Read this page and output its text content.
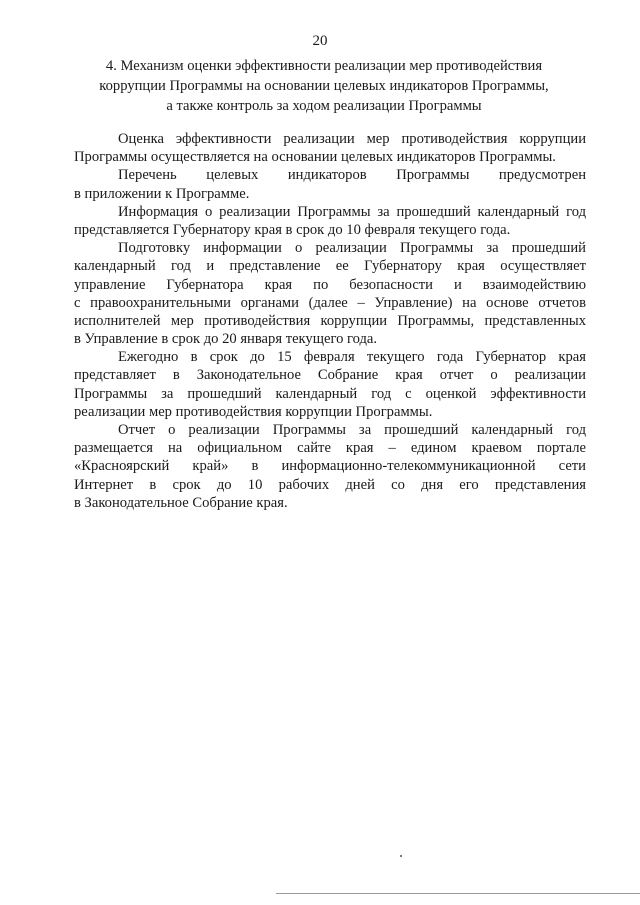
20
4. Механизм оценки эффективности реализации мер противодействия
коррупции Программы на основании целевых индикаторов Программы,
а также контроль за ходом реализации Программы
Оценка эффективности реализации мер противодействия коррупции
Программы осуществляется на основании целевых индикаторов Программы.
Перечень целевых индикаторов Программы предусмотрен
в приложении к Программе.
Информация о реализации Программы за прошедший календарный год
представляется Губернатору края в срок до 10 февраля текущего года.
Подготовку информации о реализации Программы за прошедший
календарный год и представление ее Губернатору края осуществляет
управление Губернатора края по безопасности и взаимодействию
с правоохранительными органами (далее – Управление) на основе отчетов
исполнителей мер противодействия коррупции Программы, представленных
в Управление в срок до 20 января текущего года.
Ежегодно в срок до 15 февраля текущего года Губернатор края
представляет в Законодательное Собрание края отчет о реализации
Программы за прошедший календарный год с оценкой эффективности
реализации мер противодействия коррупции Программы.
Отчет о реализации Программы за прошедший календарный год
размещается на официальном сайте края – едином краевом портале
«Красноярский край» в информационно-телекоммуникационной сети
Интернет в срок до 10 рабочих дней со дня его представления
в Законодательное Собрание края.
